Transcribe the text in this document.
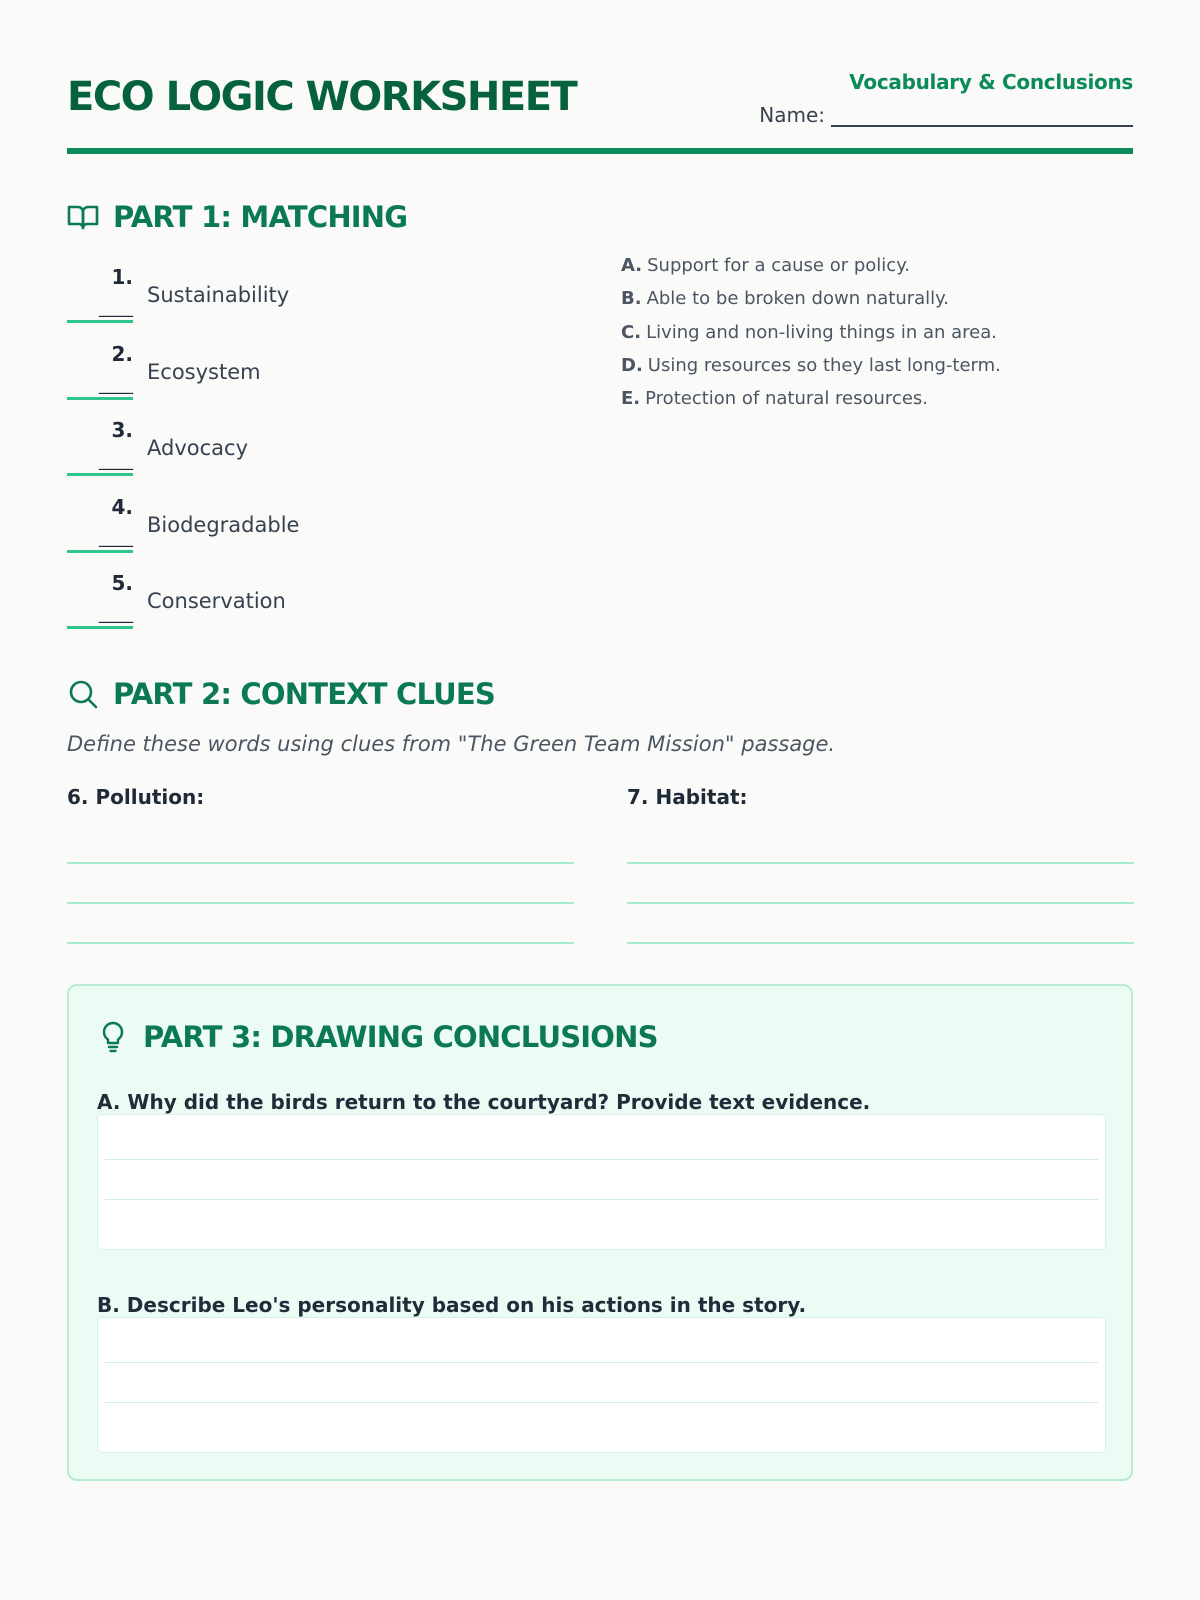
ECO LOGIC WORKSHEET	Vocabulary & Conclusions
Name:
PART 1: MATCHING
1.
____
Sustainability
2.
____
Ecosystem
3.
____
Advocacy
4.
____
Biodegradable
5.
____
Conservation
A. Support for a cause or policy.
B. Able to be broken down naturally.
C. Living and non-living things in an area.
D. Using resources so they last long-term.
E. Protection of natural resources.
PART 2: CONTEXT CLUES
Define these words using clues from "The Green Team Mission" passage.
6. Pollution:	7. Habitat:
PART 3: DRAWING CONCLUSIONS
A. Why did the birds return to the courtyard? Provide text evidence.
B. Describe Leo's personality based on his actions in the story.
